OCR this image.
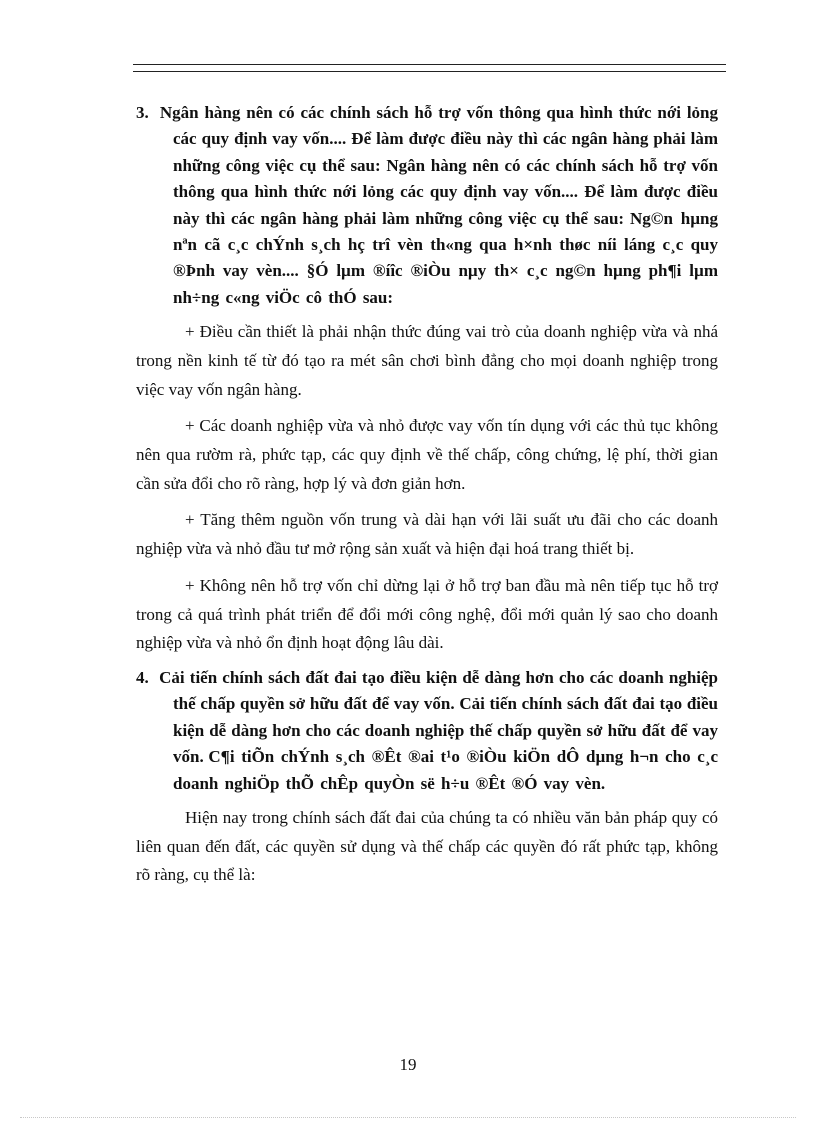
3. Ngân hàng nên có các chính sách hỗ trợ vốn thông qua hình thức nới lỏng các quy định vay vốn.... Để làm được điều này thì các ngân hàng phải làm những công việc cụ thể sau: Ngân hàng nên có các chính sách hỗ trợ vốn thông qua hình thức nới lỏng các quy định vay vốn.... Để làm được điều này thì các ngân hàng phải làm những công việc cụ thể sau: Ng©n hµng nªn cã c¸c chÝnh s¸ch hç trî vèn th«ng qua h×nh thøc níi láng c¸c quy ®Þnh vay vèn.... §Ó lµm ®íîc ®iÒu nµy th× c¸c ng©n hµng ph¶i lµm nh÷ng c«ng viÖc cô thÓ sau:

+ Điều cần thiết là phải nhận thức đúng vai trò của doanh nghiệp vừa và nhá trong nền kinh tế từ đó tạo ra mét sân chơi bình đẳng cho mọi doanh nghiệp trong việc vay vốn ngân hàng.

+ Các doanh nghiệp vừa và nhỏ được vay vốn tín dụng với các thủ tục không nên qua rườm rà, phức tạp, các quy định về thế chấp, công chứng, lệ phí, thời gian cần sửa đổi cho rõ ràng, hợp lý và đơn giản hơn.

+ Tăng thêm nguồn vốn trung và dài hạn với lãi suất ưu đãi cho các doanh nghiệp vừa và nhỏ đầu tư mở rộng sản xuất và hiện đại hoá trang thiết bị.

+ Không nên hỗ trợ vốn chỉ dừng lại ở hỗ trợ ban đầu mà nên tiếp tục hỗ trợ trong cả quá trình phát triển để đổi mới công nghệ, đổi mới quản lý sao cho doanh nghiệp vừa và nhỏ ổn định hoạt động lâu dài.

4. Cải tiến chính sách đất đai tạo điều kiện dễ dàng hơn cho các doanh nghiệp thế chấp quyền sở hữu đất để vay vốn. Cải tiến chính sách đất đai tạo điều kiện dễ dàng hơn cho các doanh nghiệp thế chấp quyền sở hữu đất để vay vốn. C¶i tiÕn chÝnh s¸ch ®Êt ®ai t¹o ®iÒu kiÖn dÔ dµng h¬n cho c¸c doanh nghiÖp thÕ chÊp quyÒn së h÷u ®Êt ®Ó vay vèn.

Hiện nay trong chính sách đất đai của chúng ta có nhiều văn bản pháp quy có liên quan đến đất, các quyền sử dụng và thế chấp các quyền đó rất phức tạp, không rõ ràng, cụ thể là:

19
